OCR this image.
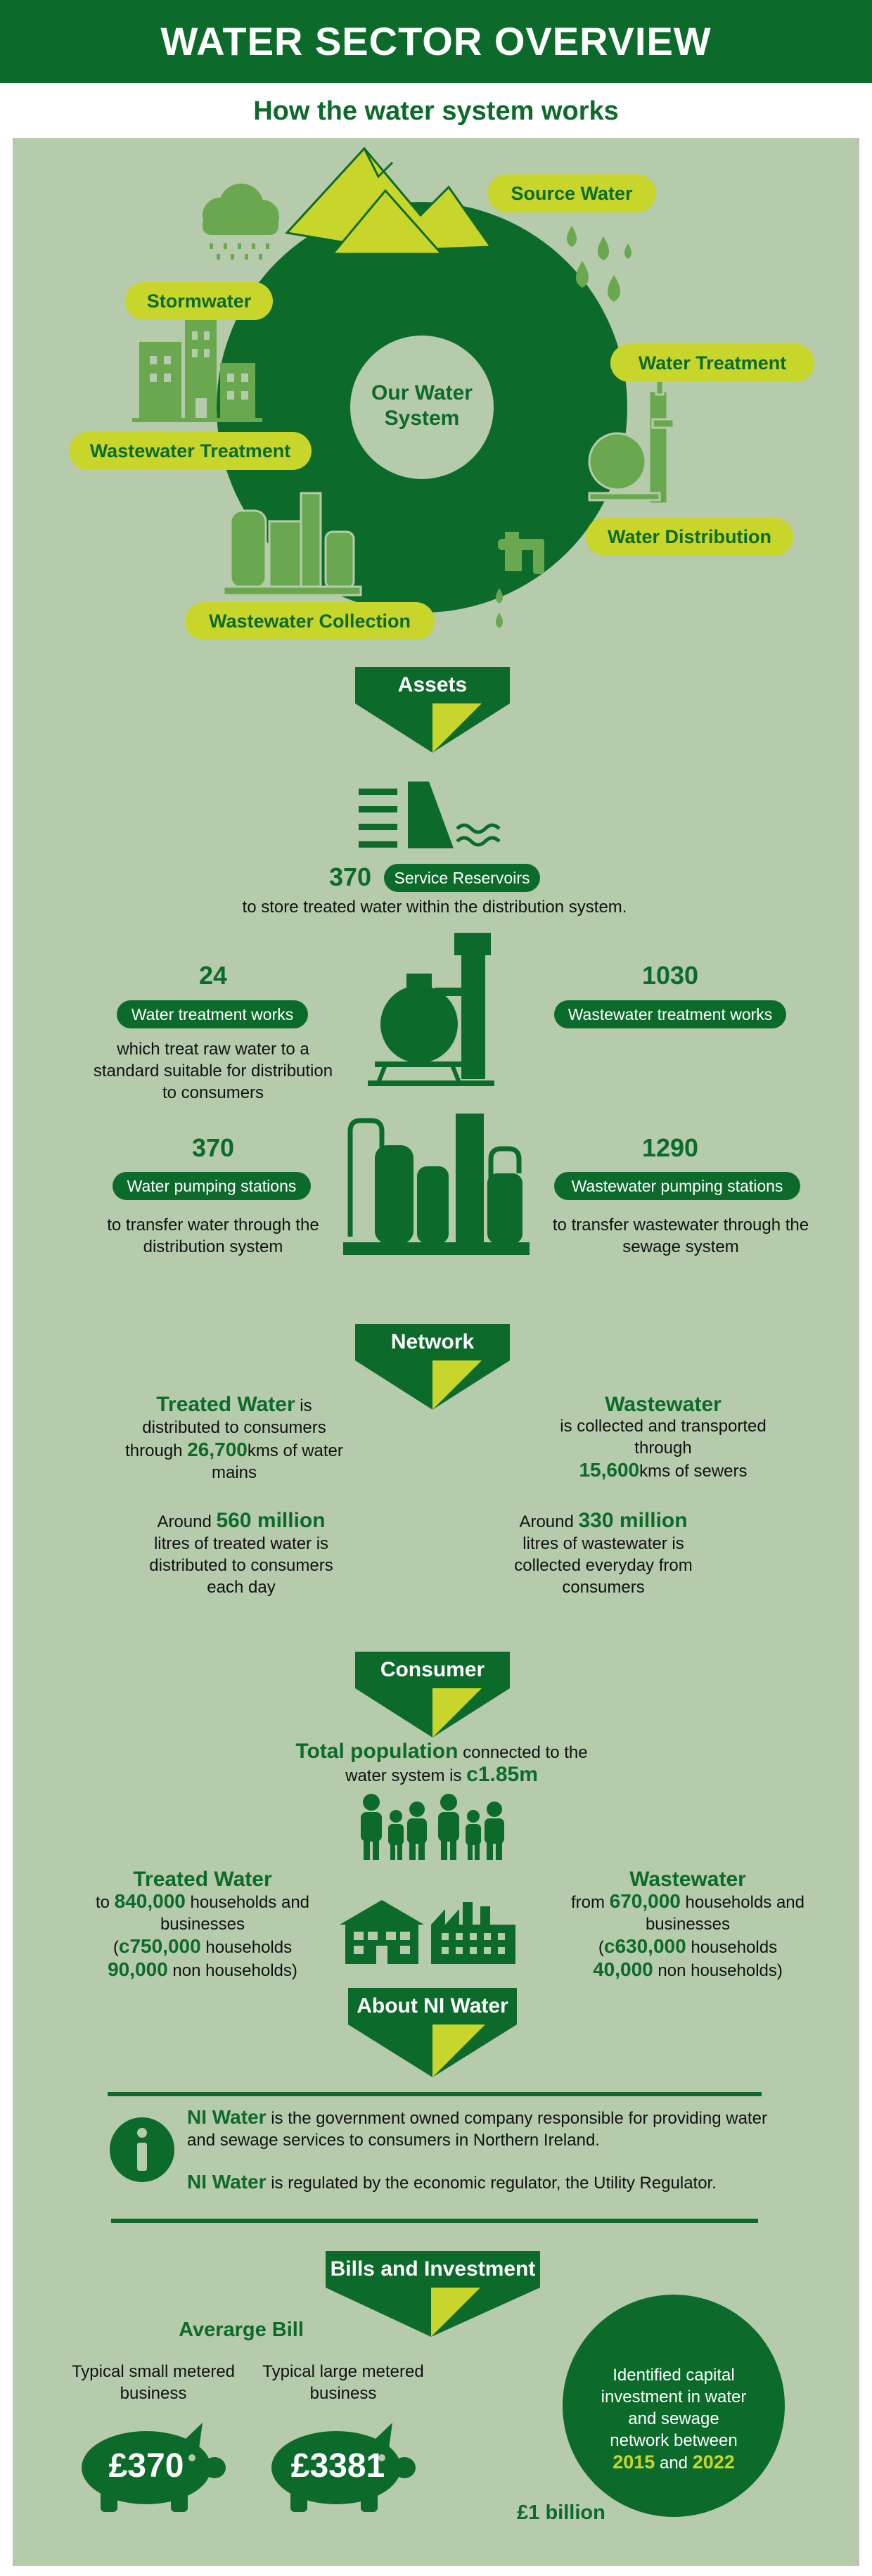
WATER SECTOR OVERVIEW
How the water system works
Our Water System
Source Water
Water Treatment
Water Distribution
Wastewater Collection
Wastewater Treatment
Stormwater
Assets
370	Service Reservoirs
to store treated water within the distribution system.
24
Water treatment works
which treat raw water to a standard suitable for distribution to consumers
1030
Wastewater treatment works
370
Water pumping stations
to transfer water through the distribution system
1290
Wastewater pumping stations
to transfer wastewater through the sewage system
Network
Treated Water is distributed to consumers through 26,700kms of water mains
Wastewater
is collected and transported through
15,600kms of sewers
Around 560 million
litres of treated water is distributed to consumers each day
Around 330 million
litres of wastewater is collected everyday from consumers
Consumer
Total population connected to the water system is c1.85m
Treated Water
to 840,000 households and businesses
(c750,000 households
90,000 non households)
Wastewater
from 670,000 households and businesses
(c630,000 households
40,000 non households)
About NI Water
NI Water is the government owned company responsible for providing water and sewage services to consumers in Northern Ireland.
NI Water is regulated by the economic regulator, the Utility Regulator.
Bills and Investment
Averarge Bill
Typical small metered business
Typical large metered business
£370	£3381
Identified capital investment in water and sewage network between 2015 and 2022
£1 billion
